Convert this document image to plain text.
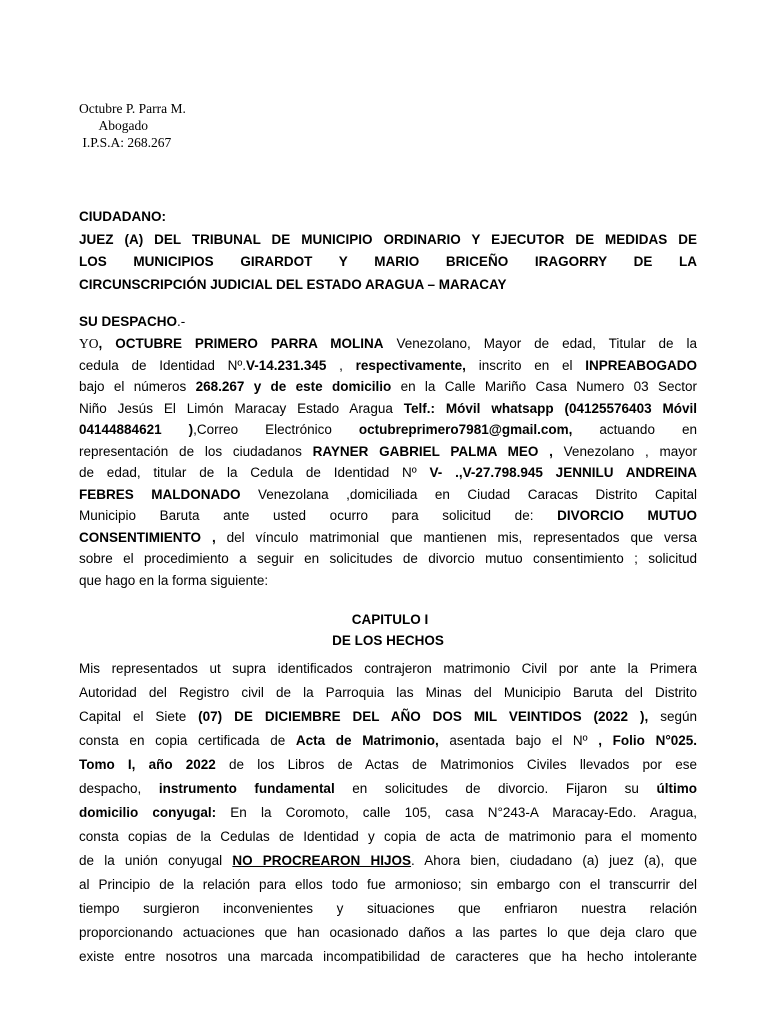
Octubre P. Parra M.
Abogado
I.P.S.A: 268.267
CIUDADANO:
JUEZ (A) DEL TRIBUNAL DE MUNICIPIO ORDINARIO Y EJECUTOR DE MEDIDAS DE
LOS MUNICIPIOS GIRARDOT Y MARIO BRICEÑO IRAGORRY DE LA
CIRCUNSCRIPCIÓN JUDICIAL DEL ESTADO ARAGUA – MARACAY
SU DESPACHO.-
YO, OCTUBRE PRIMERO PARRA MOLINA Venezolano, Mayor de edad, Titular de la
cedula de Identidad Nº.V-14.231.345 , respectivamente, inscrito en el INPREABOGADO
bajo el números 268.267 y de este domicilio en la Calle Mariño Casa Numero 03 Sector
Niño Jesús El Limón Maracay Estado Aragua Telf.: Móvil whatsapp (04125576403 Móvil
04144884621 ),Correo Electrónico octubreprimero7981@gmail.com, actuando en
representación de los ciudadanos RAYNER GABRIEL PALMA MEO , Venezolano , mayor
de edad, titular de la Cedula de Identidad Nº V- .,V-27.798.945 JENNILU ANDREINA
FEBRES MALDONADO Venezolana ,domiciliada en Ciudad Caracas Distrito Capital
Municipio Baruta ante usted ocurro para solicitud de: DIVORCIO MUTUO
CONSENTIMIENTO , del vínculo matrimonial que mantienen mis, representados que versa
sobre el procedimiento a seguir en solicitudes de divorcio mutuo consentimiento ; solicitud
que hago en la forma siguiente:
CAPITULO I
DE LOS HECHOS
Mis representados ut supra identificados contrajeron matrimonio Civil por ante la Primera
Autoridad del Registro civil de la Parroquia las Minas del Municipio Baruta del Distrito
Capital el Siete (07) DE DICIEMBRE DEL AÑO DOS MIL VEINTIDOS (2022 ), según
consta en copia certificada de Acta de Matrimonio, asentada bajo el Nº , Folio N°025.
Tomo I, año 2022 de los Libros de Actas de Matrimonios Civiles llevados por ese
despacho, instrumento fundamental en solicitudes de divorcio. Fijaron su último
domicilio conyugal: En la Coromoto, calle 105, casa N°243-A Maracay-Edo. Aragua,
consta copias de la Cedulas de Identidad y copia de acta de matrimonio para el momento
de la unión conyugal NO PROCREARON HIJOS. Ahora bien, ciudadano (a) juez (a), que
al Principio de la relación para ellos todo fue armonioso; sin embargo con el transcurrir del
tiempo surgieron inconvenientes y situaciones que enfriaron nuestra relación
proporcionando actuaciones que han ocasionado daños a las partes lo que deja claro que
existe entre nosotros una marcada incompatibilidad de caracteres que ha hecho intolerante
